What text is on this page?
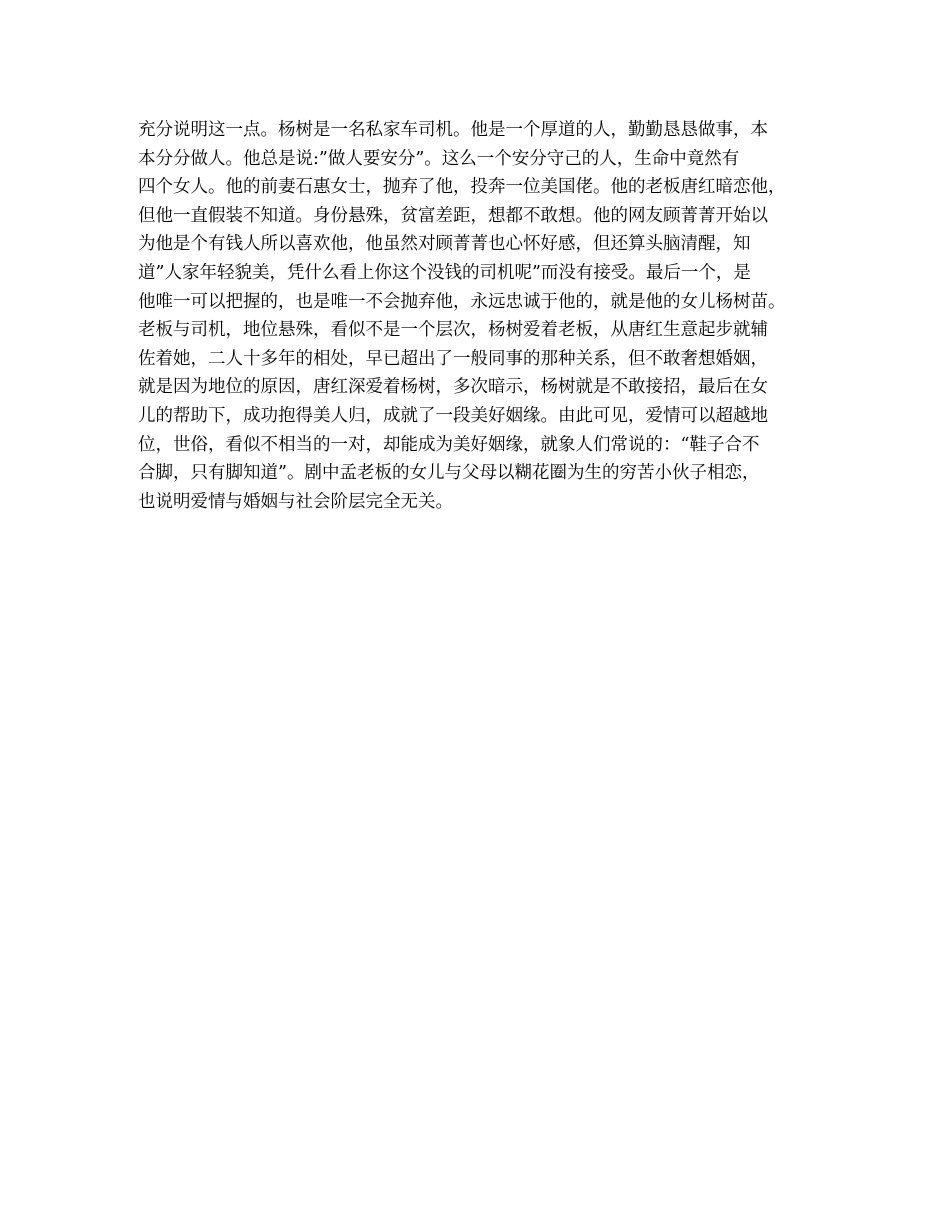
充分说明这一点。杨树是一名私家车司机。他是一个厚道的人，勤勤恳恳做事，本
本分分做人。他总是说:”做人要安分”。这么一个安分守己的人，生命中竟然有
四个女人。他的前妻石惠女士，抛弃了他，投奔一位美国佬。他的老板唐红暗恋他，
但他一直假装不知道。身份悬殊，贫富差距，想都不敢想。他的网友顾菁菁开始以
为他是个有钱人所以喜欢他，他虽然对顾菁菁也心怀好感，但还算头脑清醒，知
道”人家年轻貌美，凭什么看上你这个没钱的司机呢”而没有接受。最后一个，是
他唯一可以把握的，也是唯一不会抛弃他，永远忠诚于他的，就是他的女儿杨树苗。
老板与司机，地位悬殊，看似不是一个层次，杨树爱着老板，从唐红生意起步就辅
佐着她，二人十多年的相处，早已超出了一般同事的那种关系，但不敢奢想婚姻，
就是因为地位的原因，唐红深爱着杨树，多次暗示，杨树就是不敢接招，最后在女
儿的帮助下，成功抱得美人归，成就了一段美好姻缘。由此可见，爱情可以超越地
位，世俗，看似不相当的一对，却能成为美好姻缘，就象人们常说的：“鞋子合不
合脚，只有脚知道”。剧中孟老板的女儿与父母以糊花圈为生的穷苦小伙子相恋，
也说明爱情与婚姻与社会阶层完全无关。
